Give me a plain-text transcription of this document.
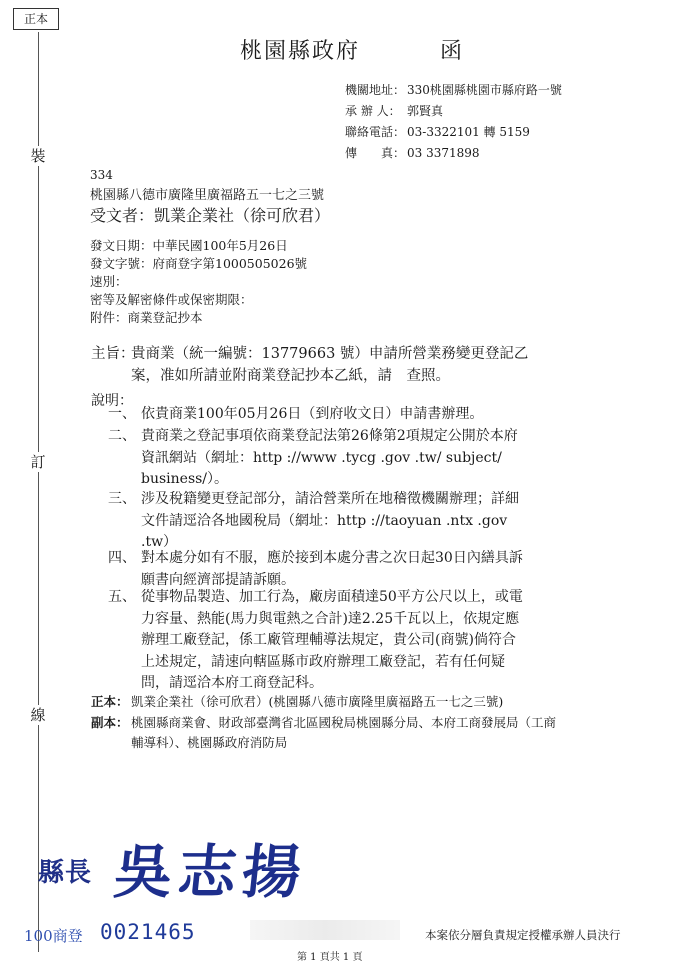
正本
裝
訂
線
桃園縣政府	函
機關地址： 330桃園縣桃園市縣府路一號
承 辦 人： 郭賢真
聯絡電話： 03-3322101 轉 5159
傳　　真： 03 3371898
334
桃園縣八德市廣隆里廣福路五一七之三號
受文者：凱業企業社（徐可欣君）
發文日期：中華民國100年5月26日
發文字號：府商登字第1000505026號
速別：
密等及解密條件或保密期限：
附件：商業登記抄本
主旨：
貴商業（統一編號：13779663 號）申請所營業務變更登記乙
案，准如所請並附商業登記抄本乙紙，請　查照。
說明：
一、 依貴商業100年05月26日（到府收文日）申請書辦理。
二、 貴商業之登記事項依商業登記法第26條第2項規定公開於本府
資訊網站（網址：http ://www .tycg .gov .tw/ subject/
business/）。
三、 涉及稅籍變更登記部分，請洽營業所在地稽徵機關辦理；詳細
文件請逕洽各地國稅局（網址：http ://taoyuan .ntx .gov
.tw）
四、 對本處分如有不服，應於接到本處分書之次日起30日內繕具訴
願書向經濟部提請訴願。
五、 從事物品製造、加工行為，廠房面積達50平方公尺以上，或電
力容量、熱能(馬力與電熱之合計)達2.25千瓦以上，依規定應
辦理工廠登記，係工廠管理輔導法規定，貴公司(商號)倘符合
上述規定，請速向轄區縣市政府辦理工廠登記，若有任何疑
問，請逕洽本府工商登記科。
正本： 凱業企業社（徐可欣君）(桃園縣八德市廣隆里廣福路五一七之三號)
副本： 桃園縣商業會、財政部臺灣省北區國稅局桃園縣分局、本府工商發展局（工商
輔導科）、桃園縣政府消防局
縣長 吳志揚
100商登 0021465	本案依分層負責規定授權承辦人員決行
第 1 頁共 1 頁
